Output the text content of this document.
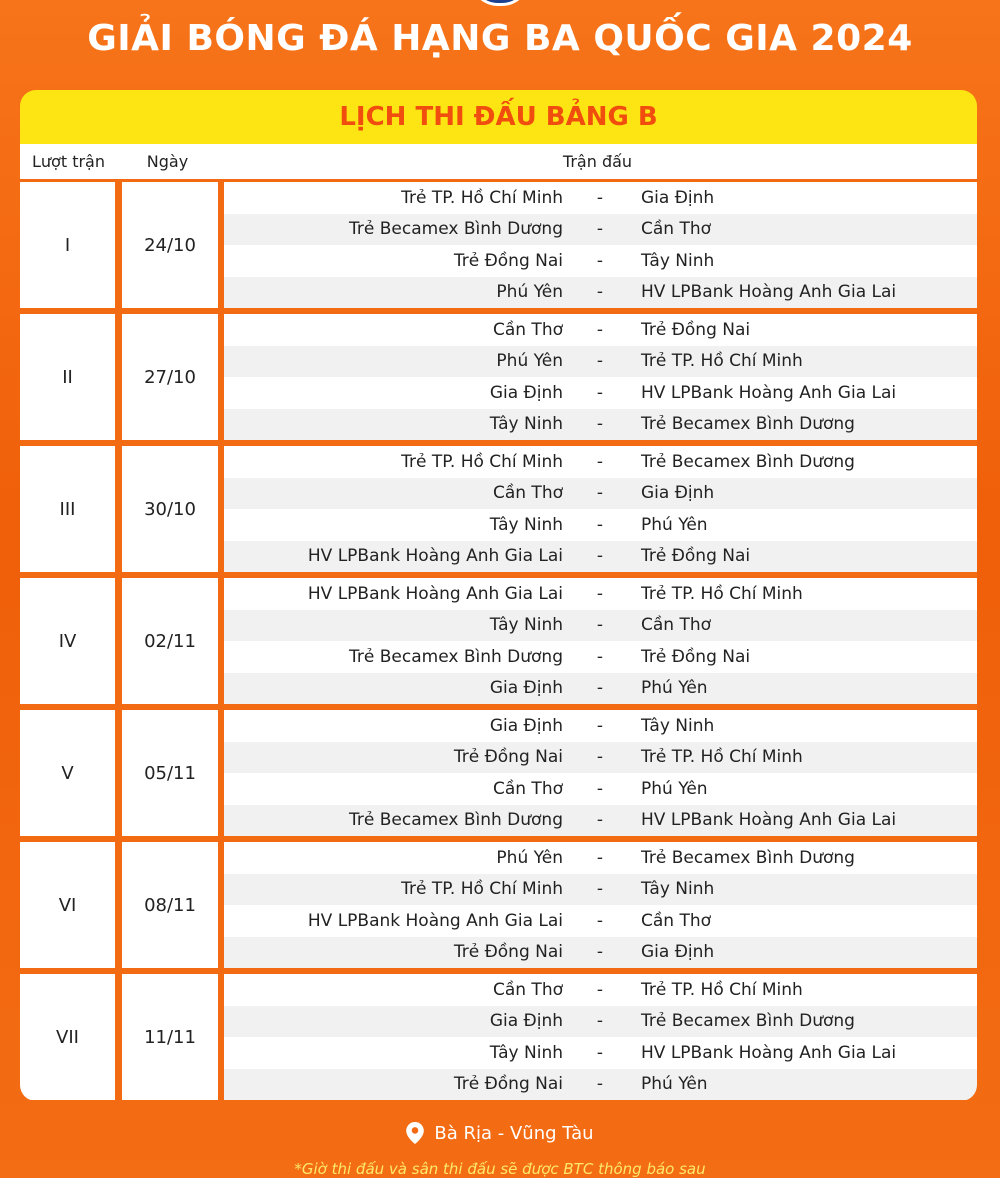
GIẢI BÓNG ĐÁ HẠNG BA QUỐC GIA 2024
LỊCH THI ĐẤU BẢNG B
Lượt trận	Ngày	Trận đấu
I	24/10
Trẻ TP. Hồ Chí Minh	-	Gia Định
Trẻ Becamex Bình Dương	-	Cần Thơ
Trẻ Đồng Nai	-	Tây Ninh
Phú Yên	-	HV LPBank Hoàng Anh Gia Lai
II	27/10
Cần Thơ	-	Trẻ Đồng Nai
Phú Yên	-	Trẻ TP. Hồ Chí Minh
Gia Định	-	HV LPBank Hoàng Anh Gia Lai
Tây Ninh	-	Trẻ Becamex Bình Dương
III	30/10
Trẻ TP. Hồ Chí Minh	-	Trẻ Becamex Bình Dương
Cần Thơ	-	Gia Định
Tây Ninh	-	Phú Yên
HV LPBank Hoàng Anh Gia Lai	-	Trẻ Đồng Nai
IV	02/11
HV LPBank Hoàng Anh Gia Lai	-	Trẻ TP. Hồ Chí Minh
Tây Ninh	-	Cần Thơ
Trẻ Becamex Bình Dương	-	Trẻ Đồng Nai
Gia Định	-	Phú Yên
V	05/11
Gia Định	-	Tây Ninh
Trẻ Đồng Nai	-	Trẻ TP. Hồ Chí Minh
Cần Thơ	-	Phú Yên
Trẻ Becamex Bình Dương	-	HV LPBank Hoàng Anh Gia Lai
VI	08/11
Phú Yên	-	Trẻ Becamex Bình Dương
Trẻ TP. Hồ Chí Minh	-	Tây Ninh
HV LPBank Hoàng Anh Gia Lai	-	Cần Thơ
Trẻ Đồng Nai	-	Gia Định
VII	11/11
Cần Thơ	-	Trẻ TP. Hồ Chí Minh
Gia Định	-	Trẻ Becamex Bình Dương
Tây Ninh	-	HV LPBank Hoàng Anh Gia Lai
Trẻ Đồng Nai	-	Phú Yên
Bà Rịa - Vũng Tàu
*Giờ thi đấu và sân thi đấu sẽ được BTC thông báo sau
